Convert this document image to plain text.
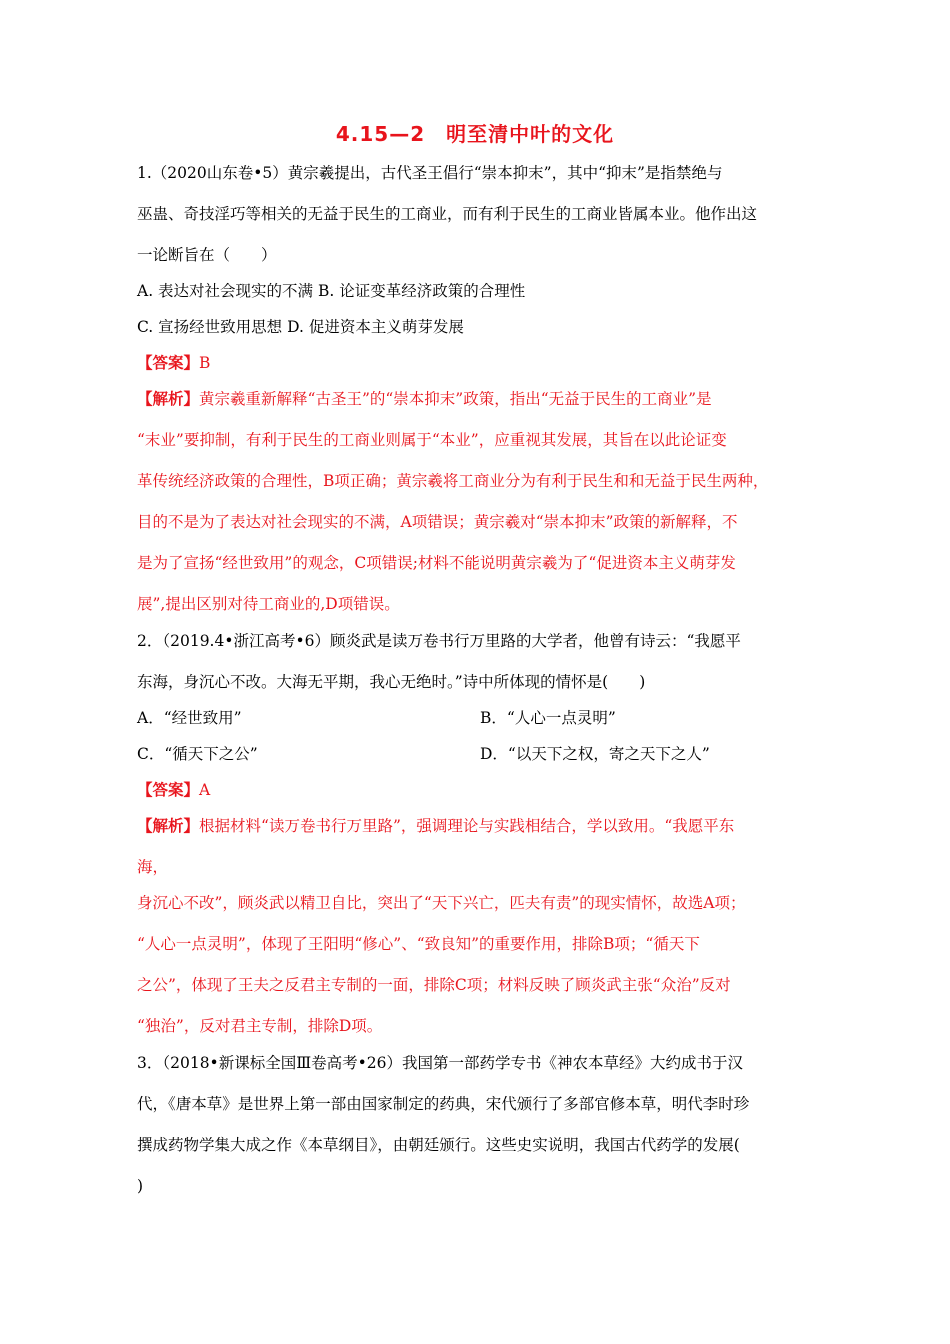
4.15—2　明至清中叶的文化
1.（2020山东卷•5）黄宗羲提出，古代圣王倡行“崇本抑末”，其中“抑末”是指禁绝与
巫蛊、奇技淫巧等相关的无益于民生的工商业，而有利于民生的工商业皆属本业。他作出这
一论断旨在（　　）
A. 表达对社会现实的不满 B. 论证变革经济政策的合理性
C. 宣扬经世致用思想 D. 促进资本主义萌芽发展
【答案】B
【解析】黄宗羲重新解释“古圣王”的“崇本抑末”政策，指出“无益于民生的工商业”是
“末业”要抑制，有利于民生的工商业则属于“本业”，应重视其发展，其旨在以此论证变
革传统经济政策的合理性，B项正确；黄宗羲将工商业分为有利于民生和和无益于民生两种，
目的不是为了表达对社会现实的不满，A项错误；黄宗羲对“崇本抑末”政策的新解释，不
是为了宣扬“经世致用”的观念，C项错误;材料不能说明黄宗羲为了“促进资本主义萌芽发
展”,提出区别对待工商业的,D项错误。
2．（2019.4•浙江高考•6）顾炎武是读万卷书行万里路的大学者，他曾有诗云：“我愿平
东海，身沉心不改。大海无平期，我心无绝时。”诗中所体现的情怀是(　　)
A．“经世致用”	B．“人心一点灵明”
C．“循天下之公”	D．“以天下之权，寄之天下之人”
【答案】A
【解析】根据材料“读万卷书行万里路”，强调理论与实践相结合，学以致用。“我愿平东
海，
身沉心不改”，顾炎武以精卫自比，突出了“天下兴亡，匹夫有责”的现实情怀，故选A项；
“人心一点灵明”，体现了王阳明“修心”、“致良知”的重要作用，排除B项；“循天下
之公”，体现了王夫之反君主专制的一面，排除C项；材料反映了顾炎武主张“众治”反对
“独治”，反对君主专制，排除D项。
3．（2018•新课标全国Ⅲ卷高考•26）我国第一部药学专书《神农本草经》大约成书于汉
代，《唐本草》是世界上第一部由国家制定的药典，宋代颁行了多部官修本草，明代李时珍
撰成药物学集大成之作《本草纲目》，由朝廷颁行。这些史实说明，我国古代药学的发展(
)
